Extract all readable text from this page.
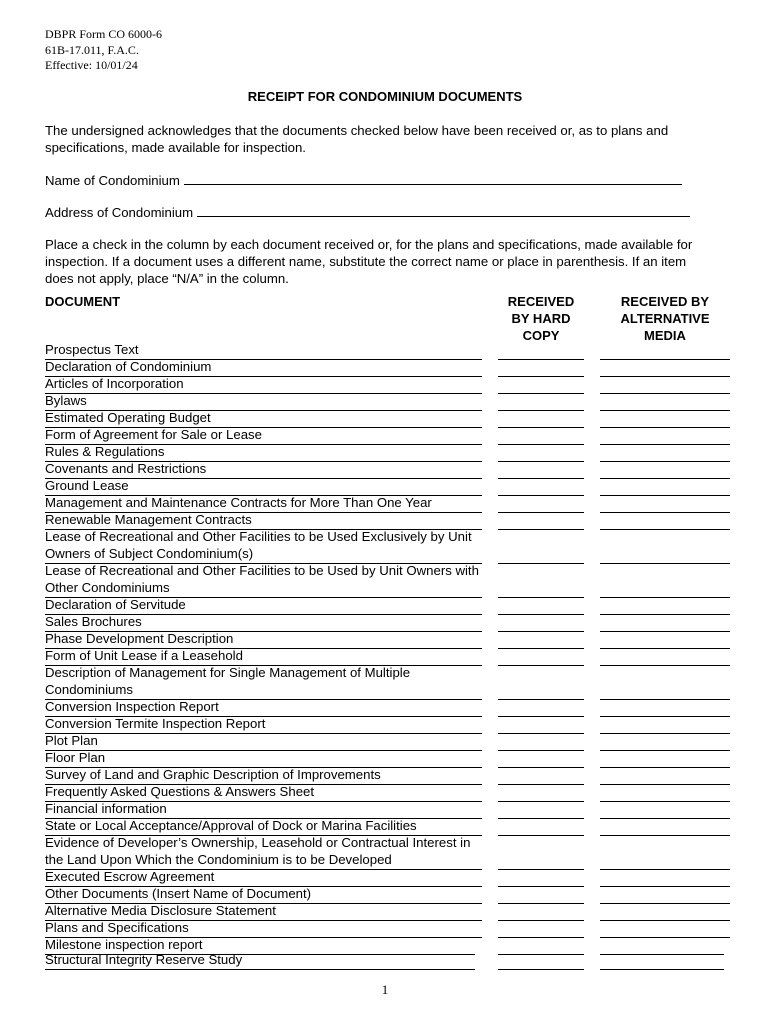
DBPR Form CO 6000-6
61B-17.011, F.A.C.
Effective: 10/01/24
RECEIPT FOR CONDOMINIUM DOCUMENTS
The undersigned acknowledges that the documents checked below have been received or, as to plans and specifications, made available for inspection.
Name of Condominium
Address of Condominium
Place a check in the column by each document received or, for the plans and specifications, made available for inspection. If a document uses a different name, substitute the correct name or place in parenthesis. If an item does not apply, place “N/A” in the column.
DOCUMENT	RECEIVED
BY HARD
COPY
RECEIVED BY
ALTERNATIVE
MEDIA
Prospectus Text
Declaration of Condominium
Articles of Incorporation
Bylaws
Estimated Operating Budget
Form of Agreement for Sale or Lease
Rules & Regulations
Covenants and Restrictions
Ground Lease
Management and Maintenance Contracts for More Than One Year
Renewable Management Contracts
Lease of Recreational and Other Facilities to be Used Exclusively by Unit Owners of Subject Condominium(s)
Lease of Recreational and Other Facilities to be Used by Unit Owners with Other Condominiums
Declaration of Servitude
Sales Brochures
Phase Development Description
Form of Unit Lease if a Leasehold
Description of Management for Single Management of Multiple Condominiums
Conversion Inspection Report
Conversion Termite Inspection Report
Plot Plan
Floor Plan
Survey of Land and Graphic Description of Improvements
Frequently Asked Questions & Answers Sheet
Financial information
State or Local Acceptance/Approval of Dock or Marina Facilities
Evidence of Developer’s Ownership, Leasehold or Contractual Interest in the Land Upon Which the Condominium is to be Developed
Executed Escrow Agreement
Other Documents (Insert Name of Document)
Alternative Media Disclosure Statement
Plans and Specifications
Milestone inspection report
Structural Integrity Reserve Study
1
